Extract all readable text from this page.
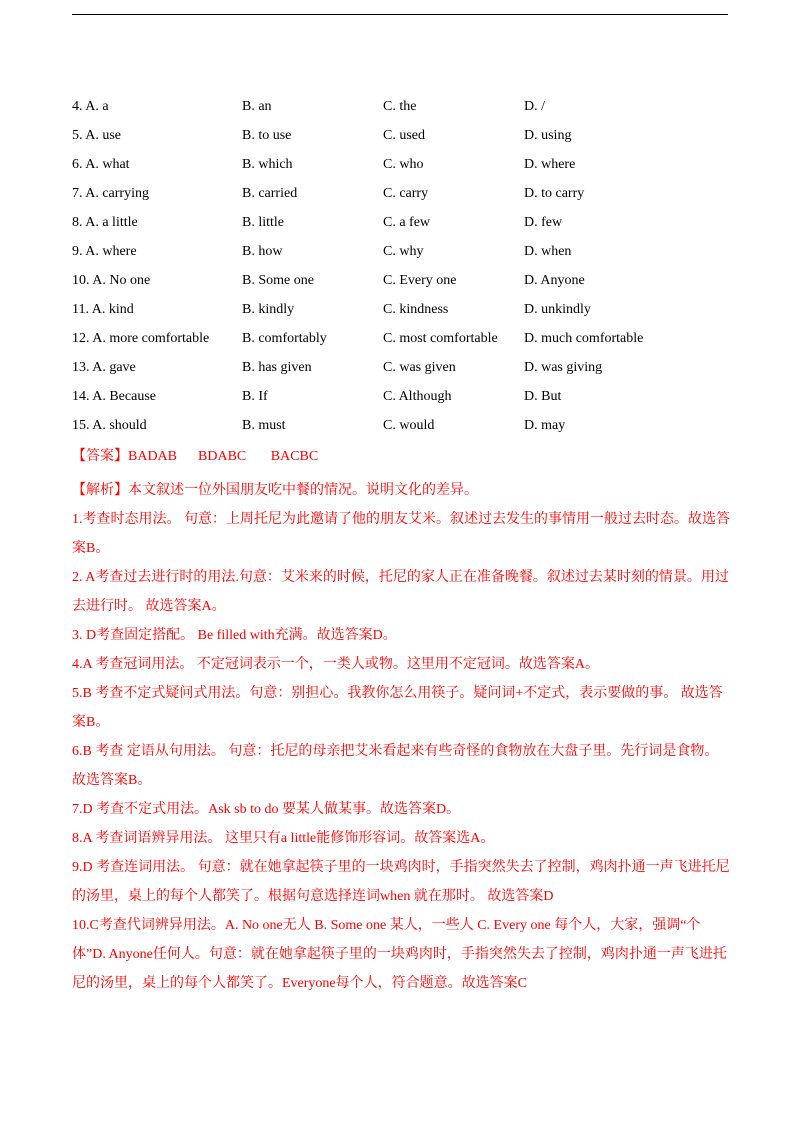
4. A. a	B. an	C. the	D. /
5. A. use	B. to use	C. used	D. using
6. A. what	B. which	C. who	D. where
7. A. carrying	B. carried	C. carry	D. to carry
8. A. a little	B. little	C. a few	D. few
9. A. where	B. how	C. why	D. when
10. A. No one	B. Some one	C. Every one	D. Anyone
11. A. kind	B. kindly	C. kindness	D. unkindly
12. A. more comfortable B. comfortably	C. most comfortable D. much comfortable
13. A. gave	B. has given	C. was given	D. was giving
14. A. Because	B. If	C. Although	D. But
15. A. should	B. must	C. would	D. may
【答案】BADAB      BDABC       BACBC

【解析】本文叙述一位外国朋友吃中餐的情况。说明文化的差异。

1.考查时态用法。 句意：上周托尼为此邀请了他的朋友艾米。叙述过去发生的事情用一般过去时态。故选答案B。

2. A考查过去进行时的用法.句意：艾米来的时候，托尼的家人正在准备晚餐。叙述过去某时刻的情景。用过去进行时。 故选答案A。

3. D考查固定搭配。 Be filled with充满。故选答案D。

4.A 考查冠词用法。 不定冠词表示一个，一类人或物。这里用不定冠词。故选答案A。

5.B 考查不定式疑问式用法。句意：别担心。我教你怎么用筷子。疑问词+不定式，表示要做的事。 故选答案B。

6.B 考查 定语从句用法。 句意：托尼的母亲把艾米看起来有些奇怪的食物放在大盘子里。先行词是食物。 故选答案B。

7.D 考查不定式用法。Ask sb to do 要某人做某事。故选答案D。

8.A 考查词语辨异用法。 这里只有a little能修饰形容词。故答案选A。

9.D 考查连词用法。 句意：就在她拿起筷子里的一块鸡肉时，手指突然失去了控制，鸡肉扑通一声飞进托尼的汤里，桌上的每个人都笑了。根据句意选择连词when 就在那时。 故选答案D

10.C考查代词辨异用法。A. No one无人 B. Some one 某人，一些人 C. Every one 每个人，大家，强调“个体”D. Anyone任何人。句意：就在她拿起筷子里的一块鸡肉时，手指突然失去了控制，鸡肉扑通一声飞进托尼的汤里，桌上的每个人都笑了。Everyone每个人，符合题意。故选答案C
